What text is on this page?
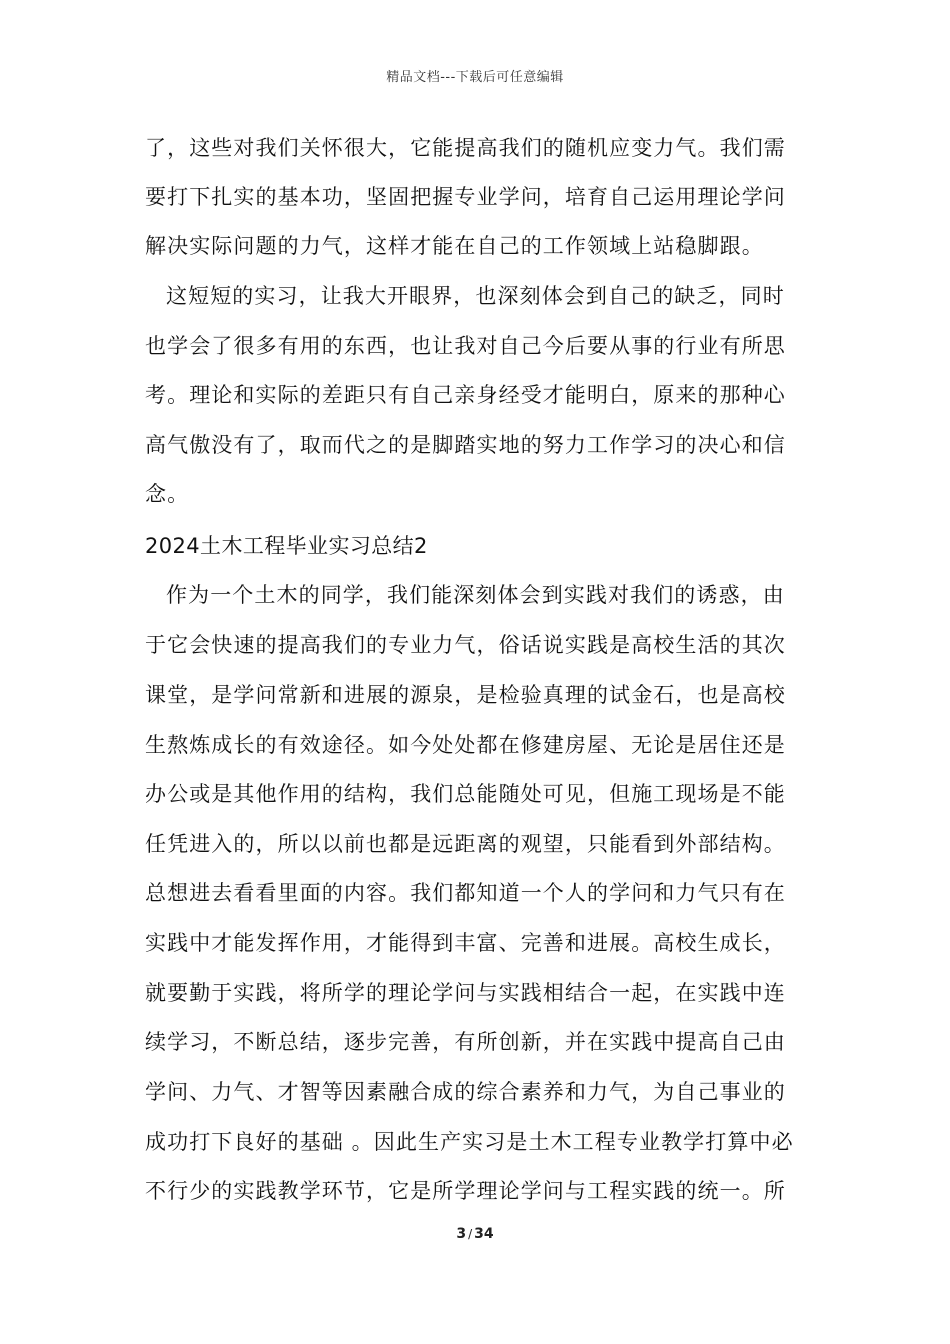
精品文档---下载后可任意编辑
了，这些对我们关怀很大，它能提高我们的随机应变力气。我们需
要打下扎实的基本功，坚固把握专业学问，培育自己运用理论学问
解决实际问题的力气，这样才能在自己的工作领域上站稳脚跟。
这短短的实习，让我大开眼界，也深刻体会到自己的缺乏，同时
也学会了很多有用的东西，也让我对自己今后要从事的行业有所思
考。理论和实际的差距只有自己亲身经受才能明白，原来的那种心
高气傲没有了，取而代之的是脚踏实地的努力工作学习的决心和信
念。
2024土木工程毕业实习总结2
作为一个土木的同学，我们能深刻体会到实践对我们的诱惑，由
于它会快速的提高我们的专业力气，俗话说实践是高校生活的其次
课堂，是学问常新和进展的源泉，是检验真理的试金石，也是高校
生熬炼成长的有效途径。如今处处都在修建房屋、无论是居住还是
办公或是其他作用的结构，我们总能随处可见，但施工现场是不能
任凭进入的，所以以前也都是远距离的观望，只能看到外部结构。
总想进去看看里面的内容。我们都知道一个人的学问和力气只有在
实践中才能发挥作用，才能得到丰富、完善和进展。高校生成长，
就要勤于实践，将所学的理论学问与实践相结合一起，在实践中连
续学习，不断总结，逐步完善，有所创新，并在实践中提高自己由
学问、力气、才智等因素融合成的综合素养和力气，为自己事业的
成功打下良好的基础 。因此生产实习是土木工程专业教学打算中必
不行少的实践教学环节，它是所学理论学问与工程实践的统一。所
3 / 34
